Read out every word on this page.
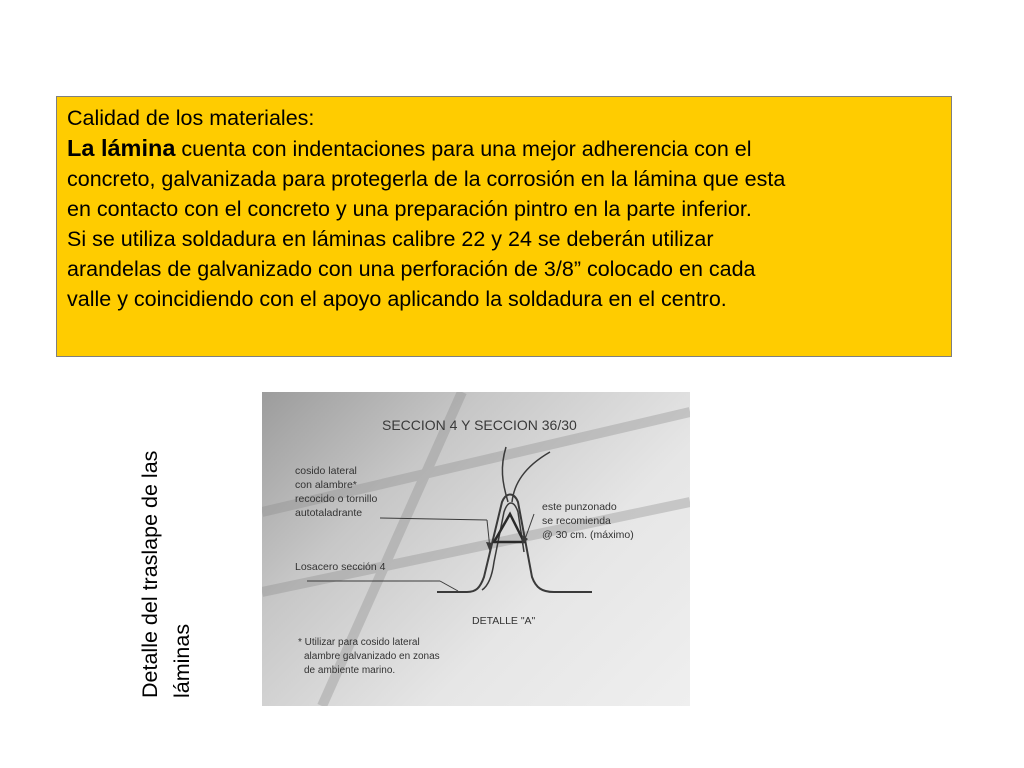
Calidad de los materiales:
La lámina cuenta con indentaciones para una mejor adherencia con el
concreto, galvanizada para protegerla de la corrosión en la lámina que esta
en contacto con el concreto y una preparación pintro en la parte inferior.
Si se utiliza soldadura en láminas calibre 22 y 24 se deberán utilizar
arandelas de galvanizado con una perforación de 3/8” colocado en cada
valle y coincidiendo con el apoyo aplicando la soldadura en el centro.
Detalle del traslape de las láminas
SECCION 4 Y SECCION 36/30
cosido lateral
con alambre*
recocido o tornillo
autotaladrante
Losacero sección 4
este punzonado
se recomienda
@ 30 cm. (máximo)
DETALLE "A"
* Utilizar para cosido lateral
alambre galvanizado en zonas
de ambiente marino.
